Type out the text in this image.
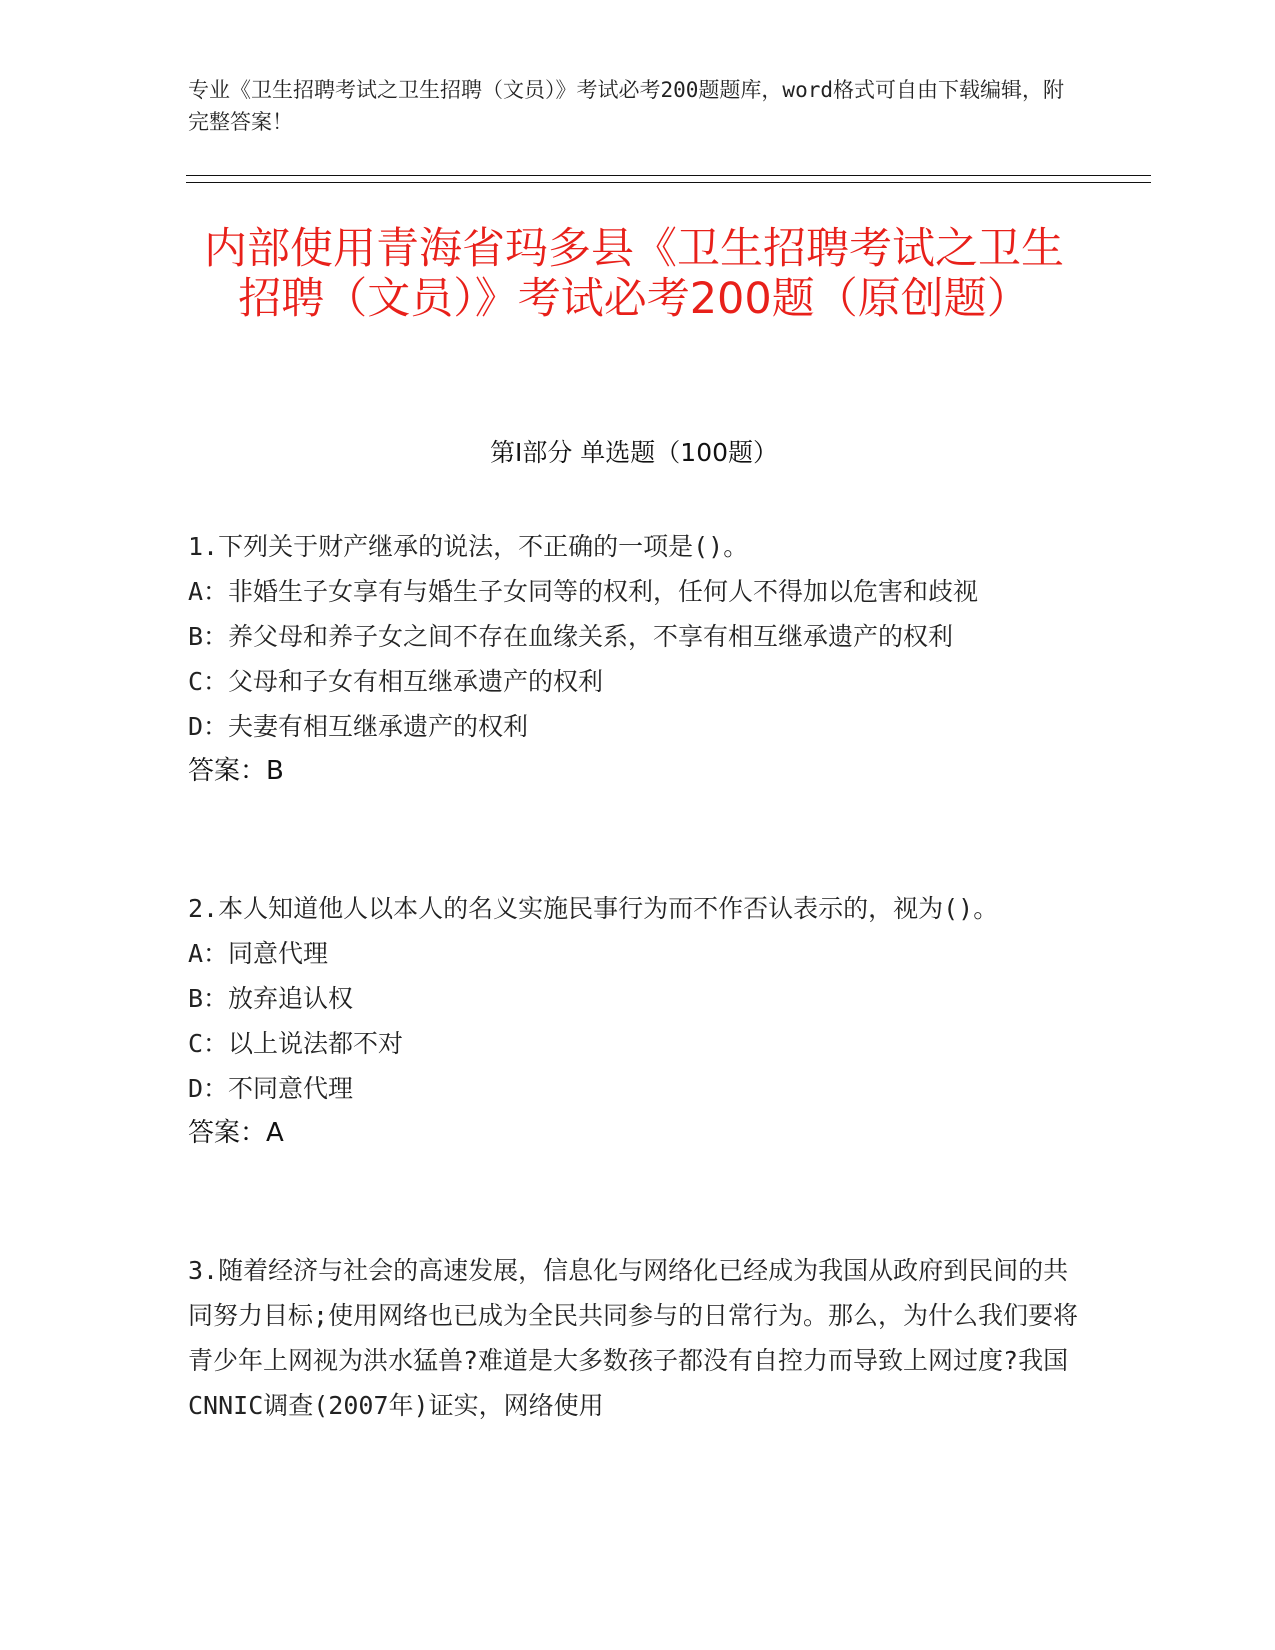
专业《卫生招聘考试之卫生招聘（文员）》考试必考200题题库，word格式可自由下载编辑，附完整答案！
内部使用青海省玛多县《卫生招聘考试之卫生招聘（文员）》考试必考200题（原创题）
第I部分 单选题（100题）
1.下列关于财产继承的说法，不正确的一项是()。
A：非婚生子女享有与婚生子女同等的权利，任何人不得加以危害和歧视
B：养父母和养子女之间不存在血缘关系，不享有相互继承遗产的权利
C：父母和子女有相互继承遗产的权利
D：夫妻有相互继承遗产的权利
答案：B
2.本人知道他人以本人的名义实施民事行为而不作否认表示的，视为()。
A：同意代理
B：放弃追认权
C：以上说法都不对
D：不同意代理
答案：A
3.随着经济与社会的高速发展，信息化与网络化已经成为我国从政府到民间的共同努力目标;使用网络也已成为全民共同参与的日常行为。那么，为什么我们要将青少年上网视为洪水猛兽?难道是大多数孩子都没有自控力而导致上网过度?我国CNNIC调查(2007年)证实，网络使用
